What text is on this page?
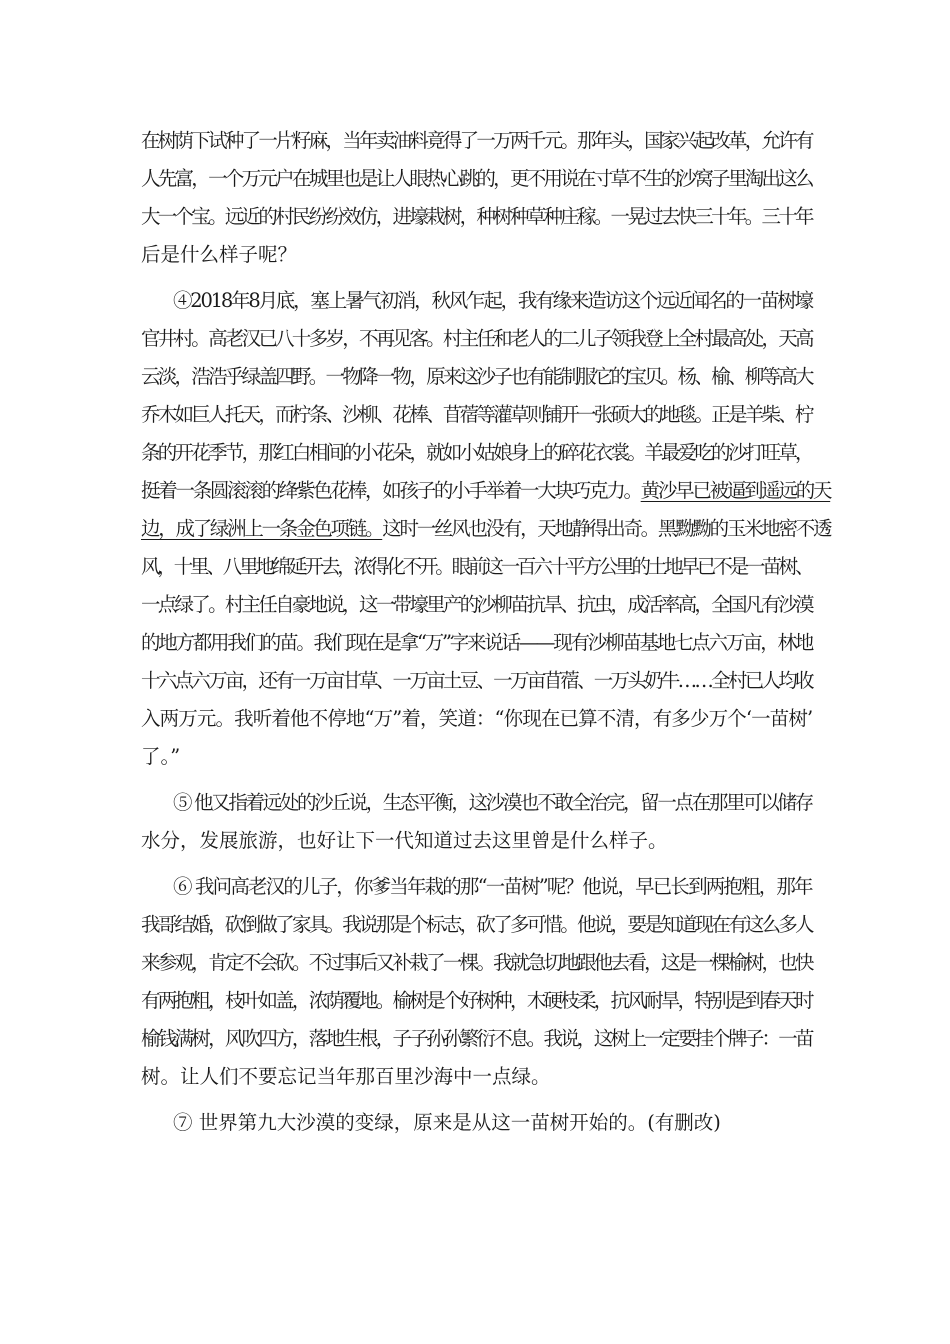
在树荫下试种了一片籽麻，当年卖油料竟得了一万两千元。那年头，国家兴起改革，允许有
人先富，一个万元户在城里也是让人眼热心跳的，更不用说在寸草不生的沙窝子里淘出这么
大一个宝。远近的村民纷纷效仿，进壕栽树，种树种草种庄稼。一晃过去快三十年。三十年
后是什么样子呢？
④2018年8月底，塞上暑气初消，秋风乍起，我有缘来造访这个远近闻名的一苗树壕
官井村。高老汉已八十多岁，不再见客。村主任和老人的二儿子领我登上全村最高处，天高
云淡，浩浩乎绿盖四野。一物降一物，原来这沙子也有能制服它的宝贝。杨、榆、柳等高大
乔木如巨人托天，而柠条、沙柳、花棒、苜蓿等灌草则铺开一张硕大的地毯。正是羊柴、柠
条的开花季节，那红白相间的小花朵，就如小姑娘身上的碎花衣裳。羊最爱吃的沙打旺草，
挺着一条圆滚滚的绛紫色花棒，如孩子的小手举着一大块巧克力。黄沙早已被逼到遥远的天
边，成了绿洲上一条金色项链。这时一丝风也没有，天地静得出奇。黑黝黝的玉米地密不透
风，十里、八里地绵延开去，浓得化不开。眼前这一百六十平方公里的土地早已不是一苗树、
一点绿了。村主任自豪地说，这一带壕里产的沙柳苗抗旱、抗虫，成活率高，全国凡有沙漠
的地方都用我们的苗。我们现在是拿“万”字来说话——现有沙柳苗基地七点六万亩，林地
十六点六万亩，还有一万亩甘草、一万亩土豆、一万亩苜蓿、一万头奶牛……全村已人均收
入两万元。我听着他不停地“万”着，笑道：“你现在已算不清，有多少万个‘一苗树’
了。”
⑤ 他又指着远处的沙丘说，生态平衡，这沙漠也不敢全治完，留一点在那里可以储存
水分，发展旅游，也好让下一代知道过去这里曾是什么样子。
⑥ 我问高老汉的儿子，你爹当年栽的那“一苗树”呢？他说，早已长到两抱粗，那年
我哥结婚，砍倒做了家具。我说那是个标志，砍了多可惜。他说，要是知道现在有这么多人
来参观，肯定不会砍。不过事后又补栽了一棵。我就急切地跟他去看，这是一棵榆树，也快
有两抱粗，枝叶如盖，浓荫覆地。榆树是个好树种，木硬枝柔，抗风耐旱，特别是到春天时
榆钱满树，风吹四方，落地生根，子子孙孙繁衍不息。我说，这树上一定要挂个牌子：一苗
树。让人们不要忘记当年那百里沙海中一点绿。
⑦ 世界第九大沙漠的变绿，原来是从这一苗树开始的。(有删改)
